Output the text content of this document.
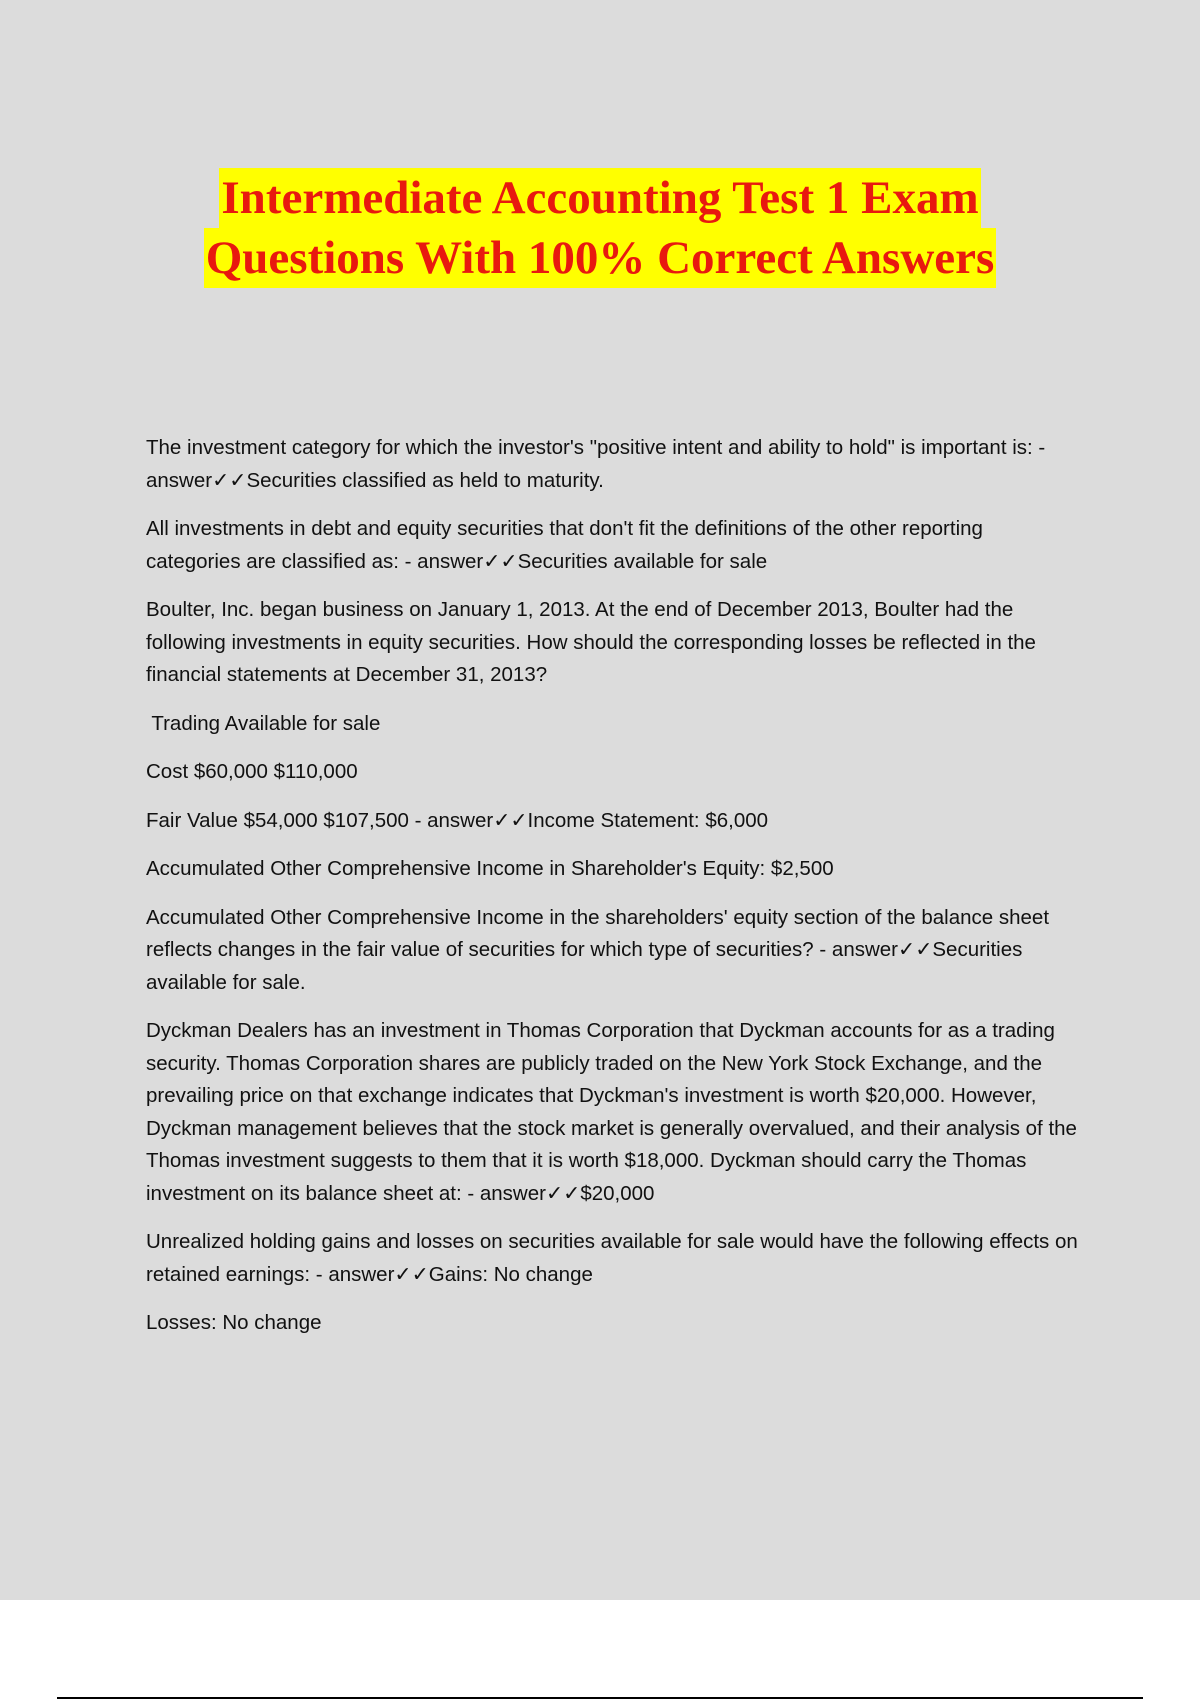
Intermediate Accounting Test 1 Exam
Questions With 100% Correct Answers

The investment category for which the investor's "positive intent and ability to hold" is important is: - answer✓✓Securities classified as held to maturity.

All investments in debt and equity securities that don't fit the definitions of the other reporting categories are classified as: - answer✓✓Securities available for sale

Boulter, Inc. began business on January 1, 2013. At the end of December 2013, Boulter had the following investments in equity securities. How should the corresponding losses be reflected in the financial statements at December 31, 2013?

Trading Available for sale

Cost $60,000 $110,000

Fair Value $54,000 $107,500 - answer✓✓Income Statement: $6,000

Accumulated Other Comprehensive Income in Shareholder's Equity: $2,500

Accumulated Other Comprehensive Income in the shareholders' equity section of the balance sheet reflects changes in the fair value of securities for which type of securities? - answer✓✓Securities available for sale.

Dyckman Dealers has an investment in Thomas Corporation that Dyckman accounts for as a trading security. Thomas Corporation shares are publicly traded on the New York Stock Exchange, and the prevailing price on that exchange indicates that Dyckman's investment is worth $20,000. However, Dyckman management believes that the stock market is generally overvalued, and their analysis of the Thomas investment suggests to them that it is worth $18,000. Dyckman should carry the Thomas investment on its balance sheet at: - answer✓✓$20,000

Unrealized holding gains and losses on securities available for sale would have the following effects on retained earnings: - answer✓✓Gains: No change

Losses: No change
